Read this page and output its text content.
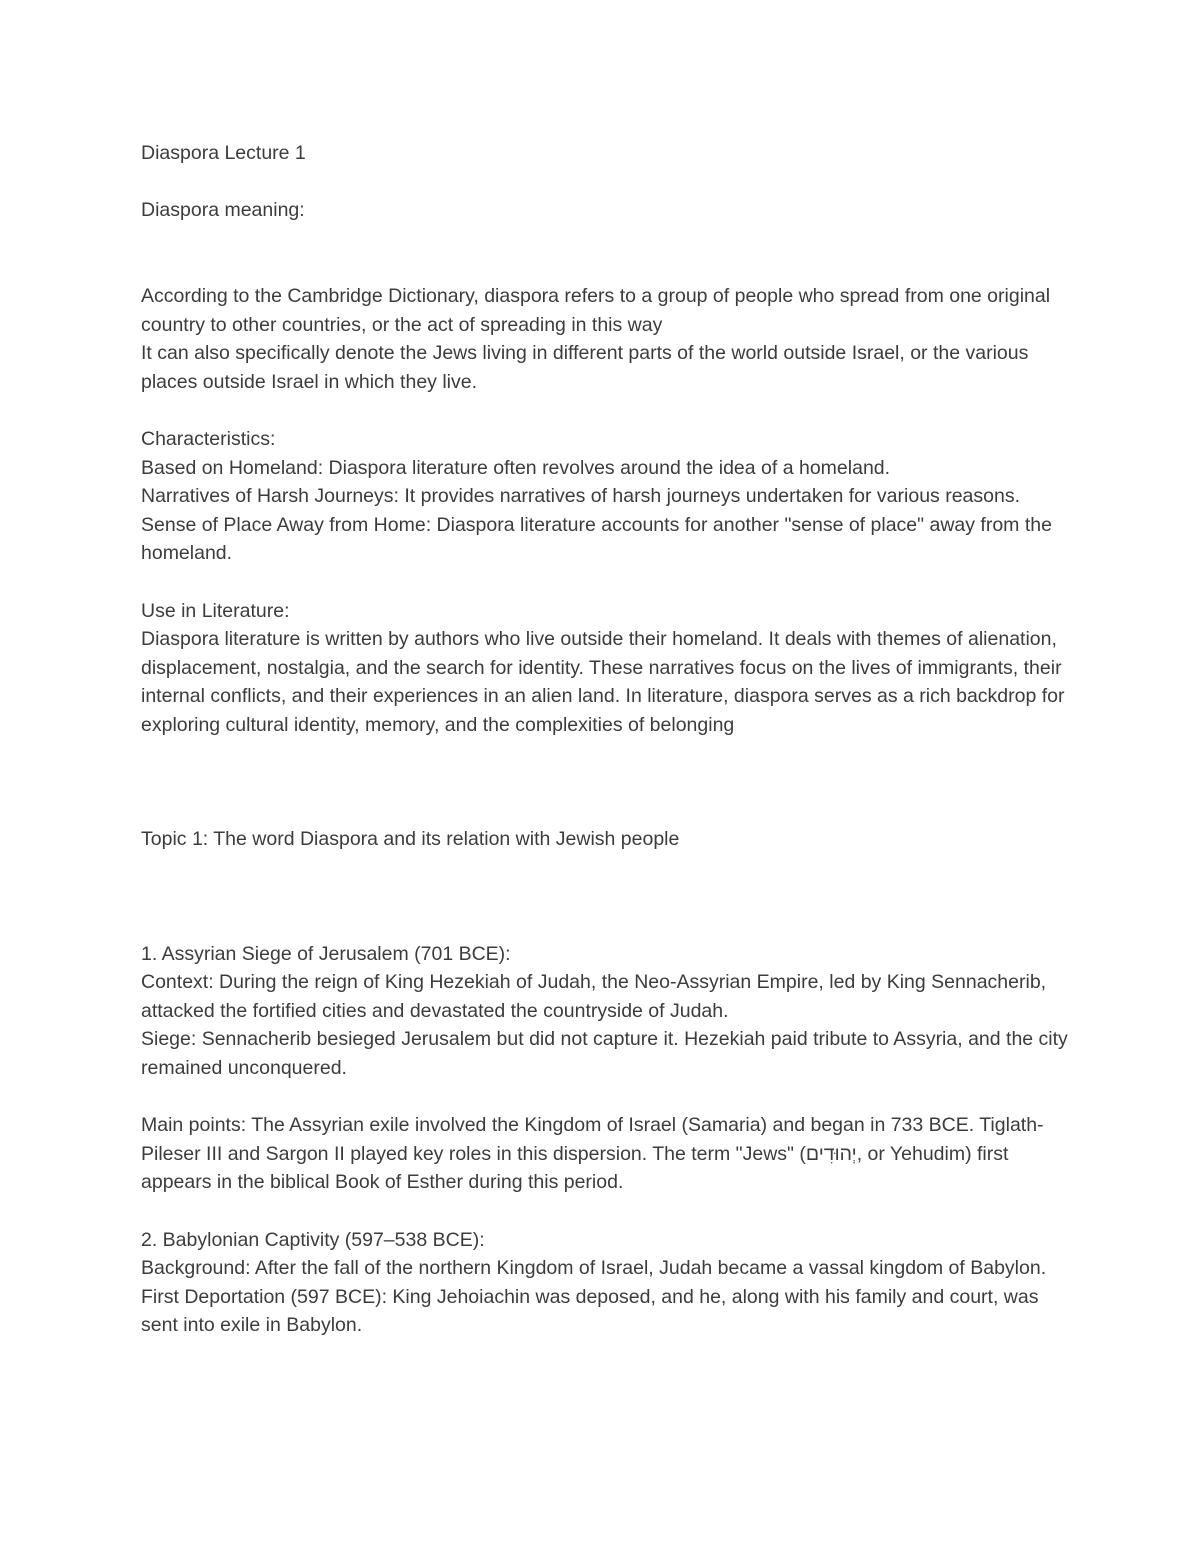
Diaspora Lecture 1

Diaspora meaning:

According to the Cambridge Dictionary, diaspora refers to a group of people who spread from one original country to other countries, or the act of spreading in this way

It can also specifically denote the Jews living in different parts of the world outside Israel, or the various places outside Israel in which they live.

Characteristics:

Based on Homeland: Diaspora literature often revolves around the idea of a homeland.

Narratives of Harsh Journeys: It provides narratives of harsh journeys undertaken for various reasons. Sense of Place Away from Home: Diaspora literature accounts for another "sense of place" away from the homeland.

Use in Literature:

Diaspora literature is written by authors who live outside their homeland. It deals with themes of alienation, displacement, nostalgia, and the search for identity. These narratives focus on the lives of immigrants, their internal conflicts, and their experiences in an alien land. In literature, diaspora serves as a rich backdrop for exploring cultural identity, memory, and the complexities of belonging

Topic 1: The word Diaspora and its relation with Jewish people

1. Assyrian Siege of Jerusalem (701 BCE):

Context: During the reign of King Hezekiah of Judah, the Neo-Assyrian Empire, led by King Sennacherib, attacked the fortified cities and devastated the countryside of Judah.

Siege: Sennacherib besieged Jerusalem but did not capture it. Hezekiah paid tribute to Assyria, and the city remained unconquered.

Main points: The Assyrian exile involved the Kingdom of Israel (Samaria) and began in 733 BCE. Tiglath-Pileser III and Sargon II played key roles in this dispersion. The term "Jews" (יְהוּדִים, or Yehudim) first appears in the biblical Book of Esther during this period.

2. Babylonian Captivity (597–538 BCE):

Background: After the fall of the northern Kingdom of Israel, Judah became a vassal kingdom of Babylon.

First Deportation (597 BCE): King Jehoiachin was deposed, and he, along with his family and court, was sent into exile in Babylon.
